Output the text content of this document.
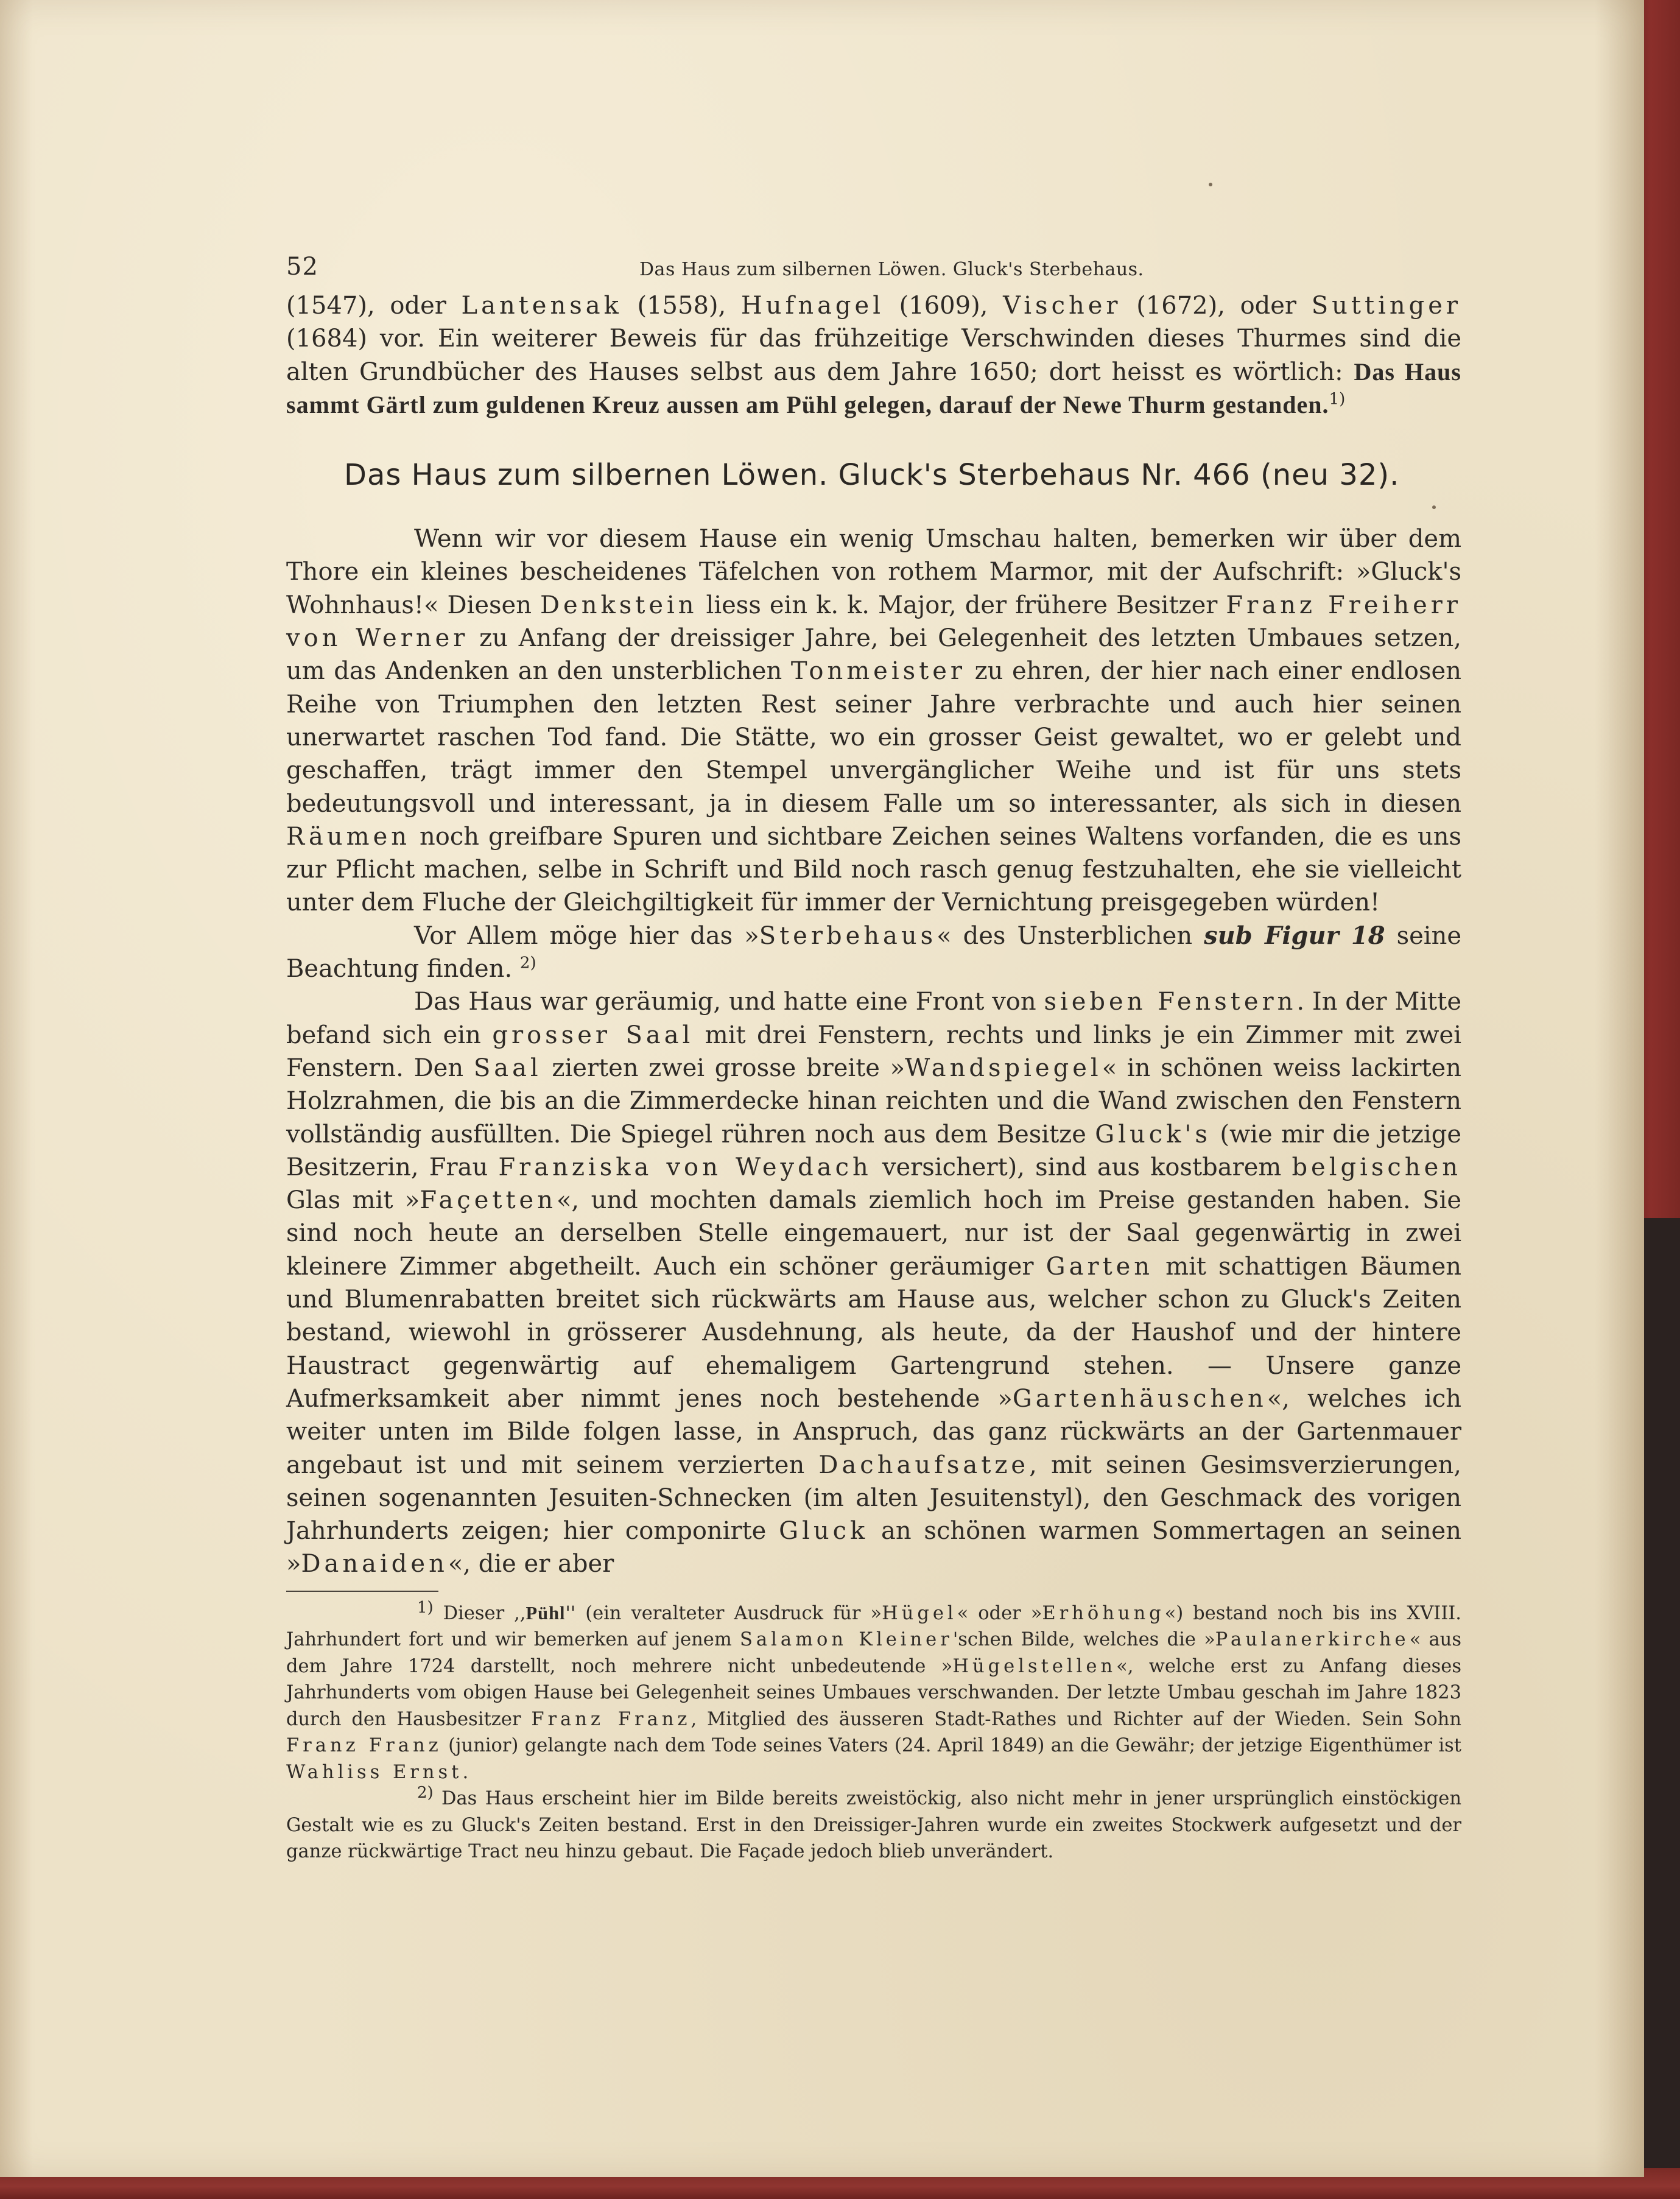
52	Das Haus zum silbernen Löwen. Gluck's Sterbehaus.

(1547), oder Lantensak (1558), Hufnagel (1609), Vischer (1672), oder Suttinger (1684) vor. Ein weiterer Beweis für das frühzeitige Verschwinden dieses Thurmes sind die alten Grundbücher des Hauses selbst aus dem Jahre 1650; dort heisst es wörtlich: Das Haus sammt Gärtl zum guldenen Kreuz aussen am Pühl gelegen, darauf der Newe Thurm gestanden.$^{1)}$

Das Haus zum silbernen Löwen. Gluck's Sterbehaus Nr. 466 (neu 32).

Wenn wir vor diesem Hause ein wenig Umschau halten, bemerken wir über dem Thore ein kleines bescheidenes Täfelchen von rothem Marmor, mit der Aufschrift: »Gluck's Wohnhaus!« Diesen Denkstein liess ein k. k. Major, der frühere Besitzer Franz Freiherr von Werner zu Anfang der dreissiger Jahre, bei Gelegenheit des letzten Umbaues setzen, um das Andenken an den unsterblichen Tonmeister zu ehren, der hier nach einer endlosen Reihe von Triumphen den letzten Rest seiner Jahre verbrachte und auch hier seinen unerwartet raschen Tod fand. Die Stätte, wo ein grosser Geist gewaltet, wo er gelebt und geschaffen, trägt immer den Stempel unvergänglicher Weihe und ist für uns stets bedeutungsvoll und interessant, ja in diesem Falle um so interessanter, als sich in diesen Räumen noch greifbare Spuren und sichtbare Zeichen seines Waltens vorfanden, die es uns zur Pflicht machen, selbe in Schrift und Bild noch rasch genug festzuhalten, ehe sie vielleicht unter dem Fluche der Gleichgiltigkeit für immer der Vernichtung preisgegeben würden!

Vor Allem möge hier das »Sterbehaus« des Unsterblichen sub Figur 18 seine Beachtung finden. $^{2)}$

Das Haus war geräumig, und hatte eine Front von sieben Fenstern. In der Mitte befand sich ein grosser Saal mit drei Fenstern, rechts und links je ein Zimmer mit zwei Fenstern. Den Saal zierten zwei grosse breite »Wandspiegel« in schönen weiss lackirten Holzrahmen, die bis an die Zimmerdecke hinan reichten und die Wand zwischen den Fenstern vollständig ausfüllten. Die Spiegel rühren noch aus dem Besitze Gluck's (wie mir die jetzige Besitzerin, Frau Franziska von Weydach versichert), sind aus kostbarem belgischen Glas mit »Façetten«, und mochten damals ziemlich hoch im Preise gestanden haben. Sie sind noch heute an derselben Stelle eingemauert, nur ist der Saal gegenwärtig in zwei kleinere Zimmer abgetheilt. Auch ein schöner geräumiger Garten mit schattigen Bäumen und Blumenrabatten breitet sich rückwärts am Hause aus, welcher schon zu Gluck's Zeiten bestand, wiewohl in grösserer Ausdehnung, als heute, da der Haushof und der hintere Haustract gegenwärtig auf ehemaligem Gartengrund stehen. — Unsere ganze Aufmerksamkeit aber nimmt jenes noch bestehende »Gartenhäuschen«, welches ich weiter unten im Bilde folgen lasse, in Anspruch, das ganz rückwärts an der Gartenmauer angebaut ist und mit seinem verzierten Dachaufsatze, mit seinen Gesimsverzierungen, seinen sogenannten Jesuiten-Schnecken (im alten Jesuitenstyl), den Geschmack des vorigen Jahrhunderts zeigen; hier componirte Gluck an schönen warmen Sommertagen an seinen »Danaiden«, die er aber

$^{1)}$ Dieser ,,Pühl'' (ein veralteter Ausdruck für »Hügel« oder »Erhöhung«) bestand noch bis ins XVIII. Jahrhundert fort und wir bemerken auf jenem Salamon Kleiner'schen Bilde, welches die »Paulanerkirche« aus dem Jahre 1724 darstellt, noch mehrere nicht unbedeutende »Hügelstellen«, welche erst zu Anfang dieses Jahrhunderts vom obigen Hause bei Gelegenheit seines Umbaues verschwanden. Der letzte Umbau geschah im Jahre 1823 durch den Hausbesitzer Franz Franz, Mitglied des äusseren Stadt-Rathes und Richter auf der Wieden. Sein Sohn Franz Franz (junior) gelangte nach dem Tode seines Vaters (24. April 1849) an die Gewähr; der jetzige Eigenthümer ist Wahliss Ernst.

$^{2)}$ Das Haus erscheint hier im Bilde bereits zweistöckig, also nicht mehr in jener ursprünglich einstöckigen Gestalt wie es zu Gluck's Zeiten bestand. Erst in den Dreissiger-Jahren wurde ein zweites Stockwerk aufgesetzt und der ganze rückwärtige Tract neu hinzu gebaut. Die Façade jedoch blieb unverändert.
